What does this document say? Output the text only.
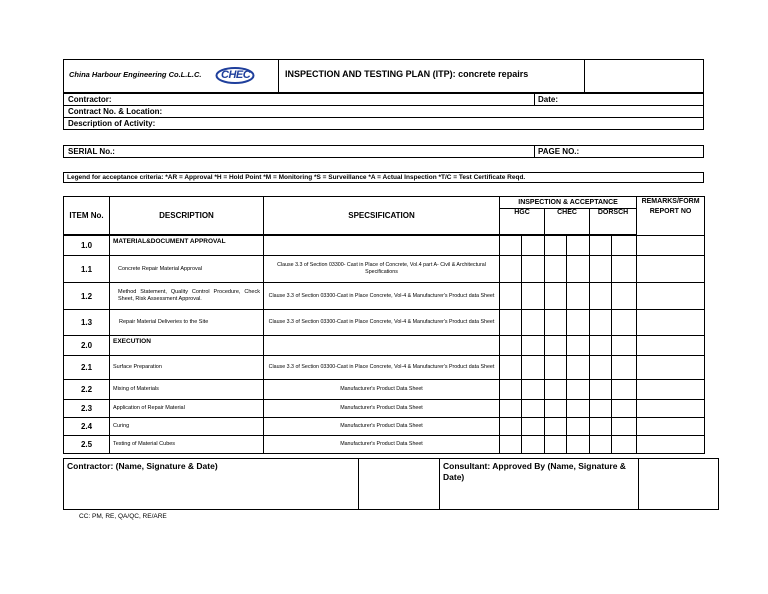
China Harbour Engineering Co.L.L.C. CHEC	INSPECTION AND TESTING PLAN (ITP): concrete repairs
Contractor:	Date:
Contract No. & Location:
Description of Activity:
SERIAL No.:	PAGE NO.:
Legend for acceptance criteria: *AR = Approval *H = Hold Point *M = Monitoring *S = Surveillance *A = Actual Inspection *T/C = Test Certificate Reqd.
ITEM No.	DESCRIPTION	SPECSIFICATION	INSPECTION & ACCEPTANCE						REMARKS/FORM REPORT NO
			HGC		CHEC		DORSCH		

1.0	MATERIAL&DOCUMENT APPROVAL								
1.1	Concrete Repair Material Approval	Clause 3.3 of Section 03300- Cast in Place of Concrete, Vol.4 part A- Civil & Architectural Specifications							
1.2	Method Statement, Quality Control Procedure, Check Sheet, Risk Assessment Approval.	Clause 3.3 of Section 03300-Cast in Place Concrete, Vol-4 & Manufacturer's Product data Sheet							
1.3	Repair Material Deliveries to the Site	Clause 3.3 of Section 03300-Cast in Place Concrete, Vol-4 & Manufacturer's Product data Sheet							
2.0	EXECUTION								
2.1	Surface Preparation	Clause 3.3 of Section 03300-Cast in Place Concrete, Vol-4 & Manufacturer's Product data Sheet							
2.2	Mixing of Materials	Manufacturer's Product Data Sheet							
2.3	Application of Repair Material	Manufacturer's Product Data Sheet							
2.4	Curing	Manufacturer's Product Data Sheet							
2.5	Testing of Material Cubes	Manufacturer's Product Data Sheet							
Contractor: (Name, Signature & Date)	Consultant: Approved By (Name, Signature & Date)
CC: PM, RE, QA/QC, RE/ARE
